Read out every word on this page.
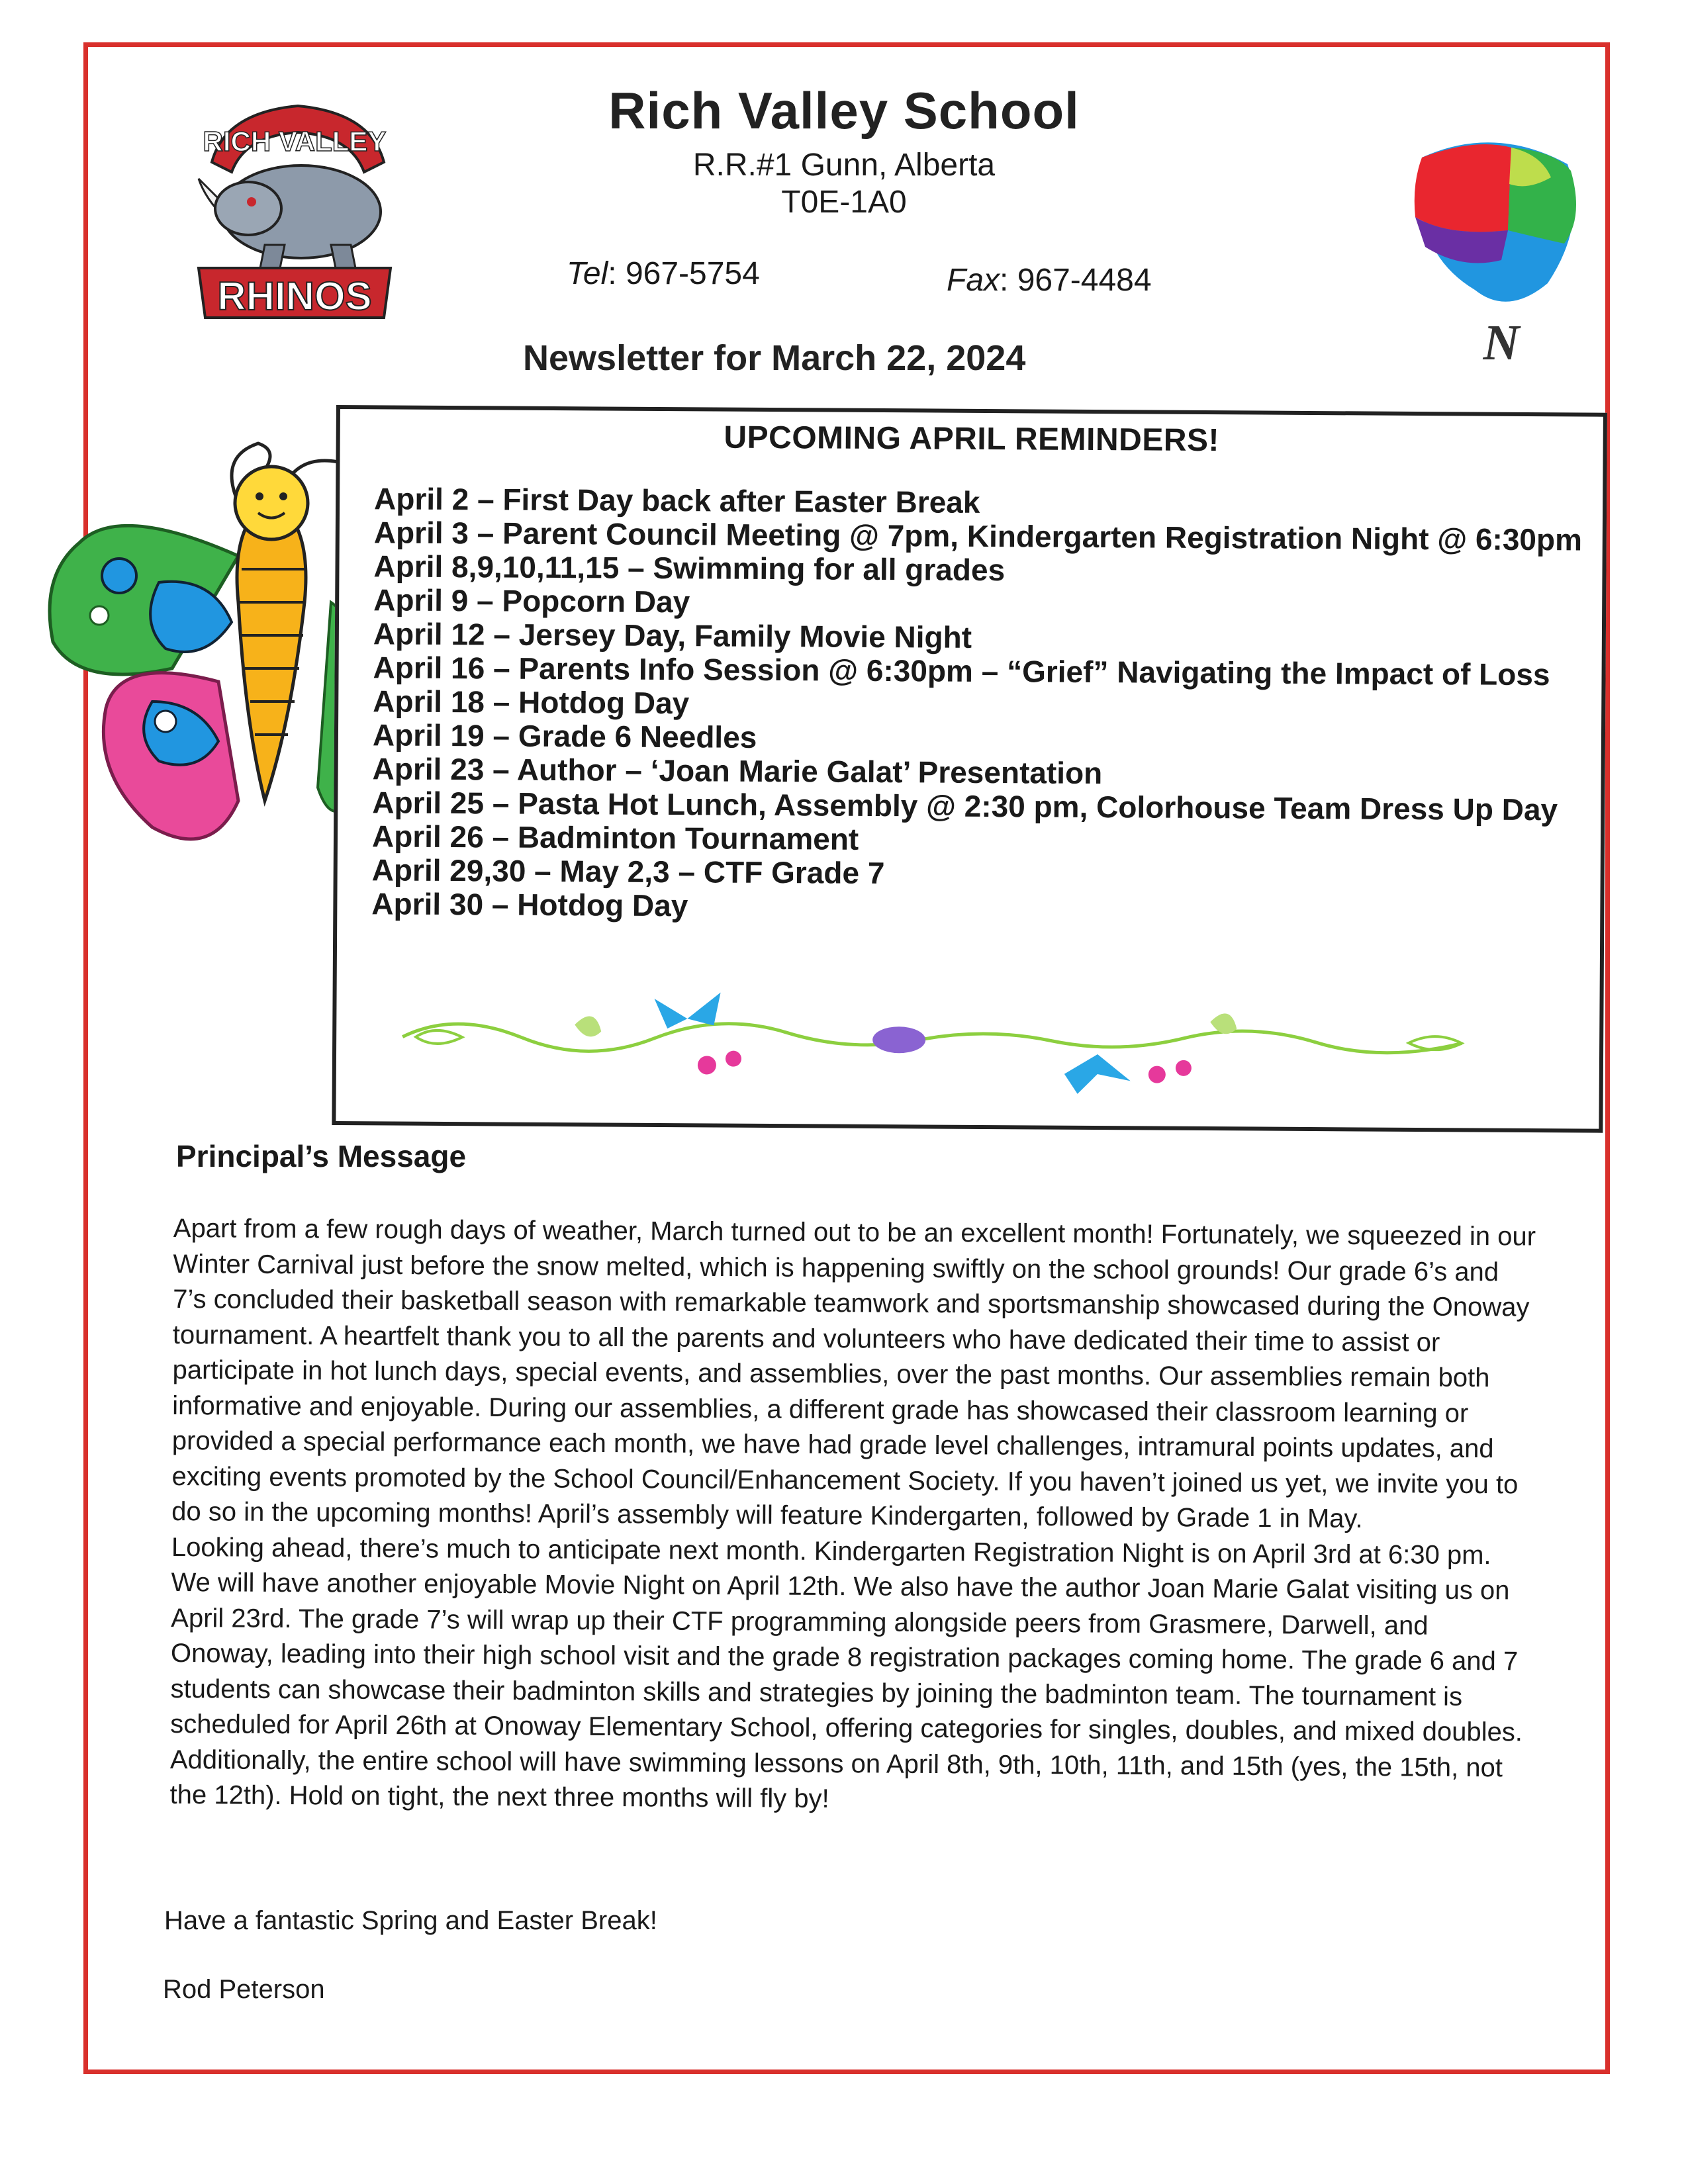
RICH VALLEY
RHINOS
N
Rich Valley School
R.R.#1 Gunn, Alberta
T0E-1A0
Tel: 967-5754	Fax: 967-4484
Newsletter for March 22, 2024
UPCOMING APRIL REMINDERS!
April 2 – First Day back after Easter Break
April 3 – Parent Council Meeting @ 7pm, Kindergarten Registration Night @ 6:30pm
April 8,9,10,11,15 – Swimming for all grades
April 9 – Popcorn Day
April 12 – Jersey Day, Family Movie Night
April 16 – Parents Info Session @ 6:30pm – “Grief” Navigating the Impact of Loss
April 18 – Hotdog Day
April 19 – Grade 6 Needles
April 23 – Author – ‘Joan Marie Galat’ Presentation
April 25 – Pasta Hot Lunch, Assembly @ 2:30 pm, Colorhouse Team Dress Up Day
April 26 – Badminton Tournament
April 29,30 – May 2,3 – CTF Grade 7
April 30 – Hotdog Day
Principal’s Message
Apart from a few rough days of weather, March turned out to be an excellent month! Fortunately, we squeezed in our Winter Carnival just before the snow melted, which is happening swiftly on the school grounds! Our grade 6’s and 7’s concluded their basketball season with remarkable teamwork and sportsmanship showcased during the Onoway tournament. A heartfelt thank you to all the parents and volunteers who have dedicated their time to assist or participate in hot lunch days, special events, and assemblies, over the past months. Our assemblies remain both informative and enjoyable. During our assemblies, a different grade has showcased their classroom learning or provided a special performance each month, we have had grade level challenges, intramural points updates, and exciting events promoted by the School Council/Enhancement Society. If you haven’t joined us yet, we invite you to do so in the upcoming months! April’s assembly will feature Kindergarten, followed by Grade 1 in May.
Looking ahead, there’s much to anticipate next month. Kindergarten Registration Night is on April 3rd at 6:30 pm. We will have another enjoyable Movie Night on April 12th. We also have the author Joan Marie Galat visiting us on April 23rd. The grade 7’s will wrap up their CTF programming alongside peers from Grasmere, Darwell, and Onoway, leading into their high school visit and the grade 8 registration packages coming home. The grade 6 and 7 students can showcase their badminton skills and strategies by joining the badminton team. The tournament is scheduled for April 26th at Onoway Elementary School, offering categories for singles, doubles, and mixed doubles. Additionally, the entire school will have swimming lessons on April 8th, 9th, 10th, 11th, and 15th (yes, the 15th, not the 12th). Hold on tight, the next three months will fly by!
Have a fantastic Spring and Easter Break!
Rod Peterson
